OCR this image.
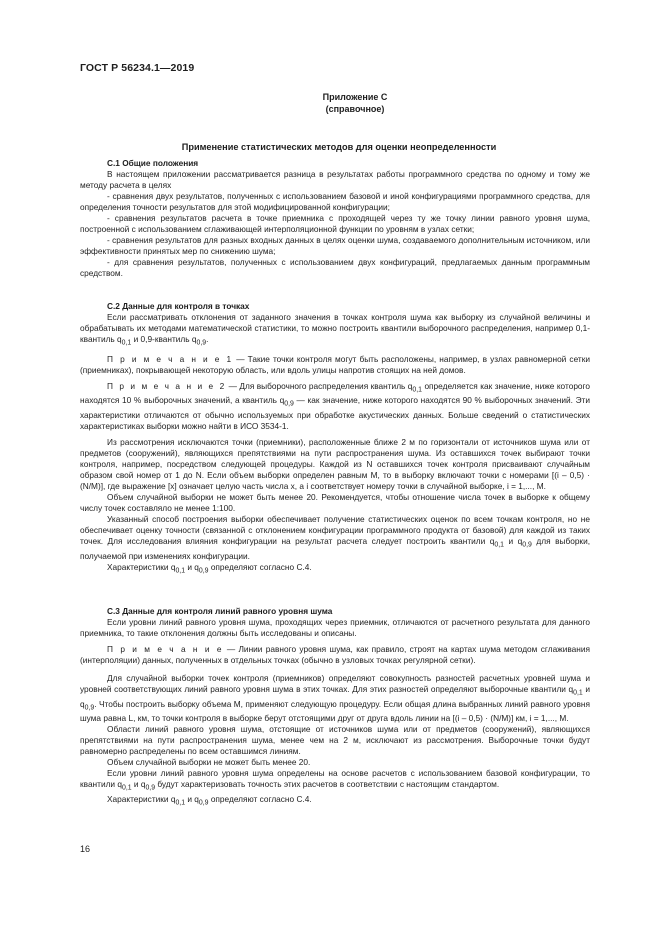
ГОСТ Р 56234.1—2019
Приложение С
(справочное)
Применение статистических методов для оценки неопределенности

С.1 Общие положения

В настоящем приложении рассматривается разница в результатах работы программного средства по одному и тому же методу расчета в целях

- сравнения двух результатов, полученных с использованием базовой и иной конфигурациями программного средства, для определения точности результатов для этой модифицированной конфигурации;

- сравнения результатов расчета в точке приемника с проходящей через ту же точку линии равного уровня шума, построенной с использованием сглаживающей интерполяционной функции по уровням в узлах сетки;

- сравнения результатов для разных входных данных в целях оценки шума, создаваемого дополнительным источником, или эффективности принятых мер по снижению шума;

- для сравнения результатов, полученных с использованием двух конфигураций, предлагаемых данным программным средством.

С.2 Данные для контроля в точках

Если рассматривать отклонения от заданного значения в точках контроля шума как выборку из случайной величины и обрабатывать их методами математической статистики, то можно построить квантили выборочного распределения, например 0,1-квантиль $q_{0,1}$ и 0,9-квантиль $q_{0,9}$.

П р и м е ч а н и е 1 — Такие точки контроля могут быть расположены, например, в узлах равномерной сетки (приемниках), покрывающей некоторую область, или вдоль улицы напротив стоящих на ней домов.

П р и м е ч а н и е 2 — Для выборочного распределения квантиль $q_{0,1}$ определяется как значение, ниже которого находятся 10 % выборочных значений, а квантиль $q_{0,9}$ — как значение, ниже которого находятся 90 % выборочных значений. Эти характеристики отличаются от обычно используемых при обработке акустических данных. Больше сведений о статистических характеристиках выборки можно найти в ИСО 3534-1.

Из рассмотрения исключаются точки (приемники), расположенные ближе 2 м по горизонтали от источников шума или от предметов (сооружений), являющихся препятствиями на пути распространения шума. Из оставшихся точек выбирают точки контроля, например, посредством следующей процедуры. Каждой из N оставшихся точек контроля присваивают случайным образом свой номер от 1 до N. Если объем выборки определен равным M, то в выборку включают точки с номерами [(i – 0,5) · (N/M)], где выражение [x] означает целую часть числа x, а i соответствует номеру точки в случайной выборке, i = 1,..., M.

Объем случайной выборки не может быть менее 20. Рекомендуется, чтобы отношение числа точек в выборке к общему числу точек составляло не менее 1:100.

Указанный способ построения выборки обеспечивает получение статистических оценок по всем точкам контроля, но не обеспечивает оценку точности (связанной с отклонением конфигурации программного продукта от базовой) для каждой из таких точек. Для исследования влияния конфигурации на результат расчета следует построить квантили $q_{0,1}$ и $q_{0,9}$ для выборки, получаемой при изменениях конфигурации.

Характеристики $q_{0,1}$ и $q_{0,9}$ определяют согласно С.4.

С.3 Данные для контроля линий равного уровня шума

Если уровни линий равного уровня шума, проходящих через приемник, отличаются от расчетного результата для данного приемника, то такие отклонения должны быть исследованы и описаны.

П р и м е ч а н и е — Линии равного уровня шума, как правило, строят на картах шума методом сглаживания (интерполяции) данных, полученных в отдельных точках (обычно в узловых точках регулярной сетки).

Для случайной выборки точек контроля (приемников) определяют совокупность разностей расчетных уровней шума и уровней соответствующих линий равного уровня шума в этих точках. Для этих разностей определяют выборочные квантили $q_{0,1}$ и $q_{0,9}$. Чтобы построить выборку объема M, применяют следующую процедуру. Если общая длина выбранных линий равного уровня шума равна L, км, то точки контроля в выборке берут отстоящими друг от друга вдоль линии на [(i – 0,5) · (N/M)] км, i = 1,..., M.

Области линий равного уровня шума, отстоящие от источников шума или от предметов (сооружений), являющихся препятствиями на пути распространения шума, менее чем на 2 м, исключают из рассмотрения. Выборочные точки будут равномерно распределены по всем оставшимся линиям.

Объем случайной выборки не может быть менее 20.

Если уровни линий равного уровня шума определены на основе расчетов с использованием базовой конфигурации, то квантили $q_{0,1}$ и $q_{0,9}$ будут характеризовать точность этих расчетов в соответствии с настоящим стандартом.

Характеристики $q_{0,1}$ и $q_{0,9}$ определяют согласно С.4.

16
